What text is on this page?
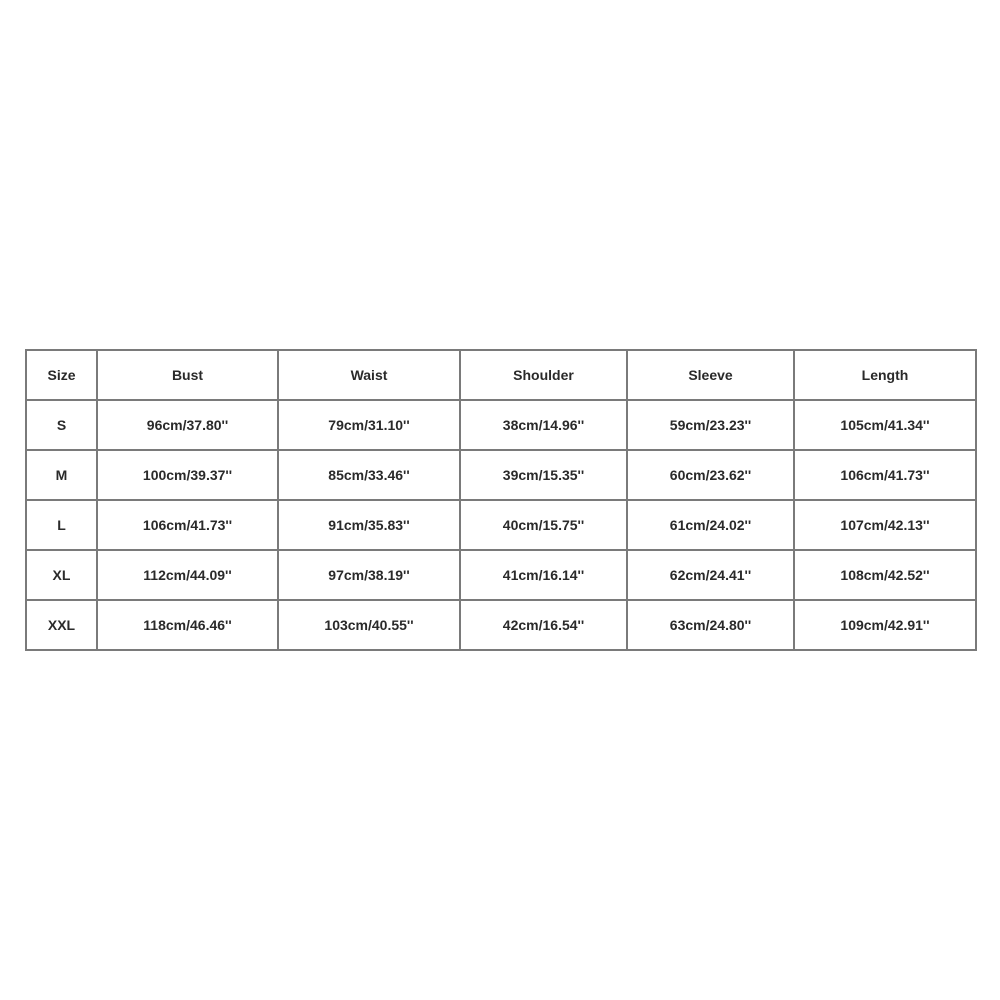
Size	Bust	Waist	Shoulder	Sleeve	Length
S	96cm/37.80''	79cm/31.10''	38cm/14.96''	59cm/23.23''	105cm/41.34''
M	100cm/39.37''	85cm/33.46''	39cm/15.35''	60cm/23.62''	106cm/41.73''
L	106cm/41.73''	91cm/35.83''	40cm/15.75''	61cm/24.02''	107cm/42.13''
XL	112cm/44.09''	97cm/38.19''	41cm/16.14''	62cm/24.41''	108cm/42.52''
XXL	118cm/46.46''	103cm/40.55''	42cm/16.54''	63cm/24.80''	109cm/42.91''
